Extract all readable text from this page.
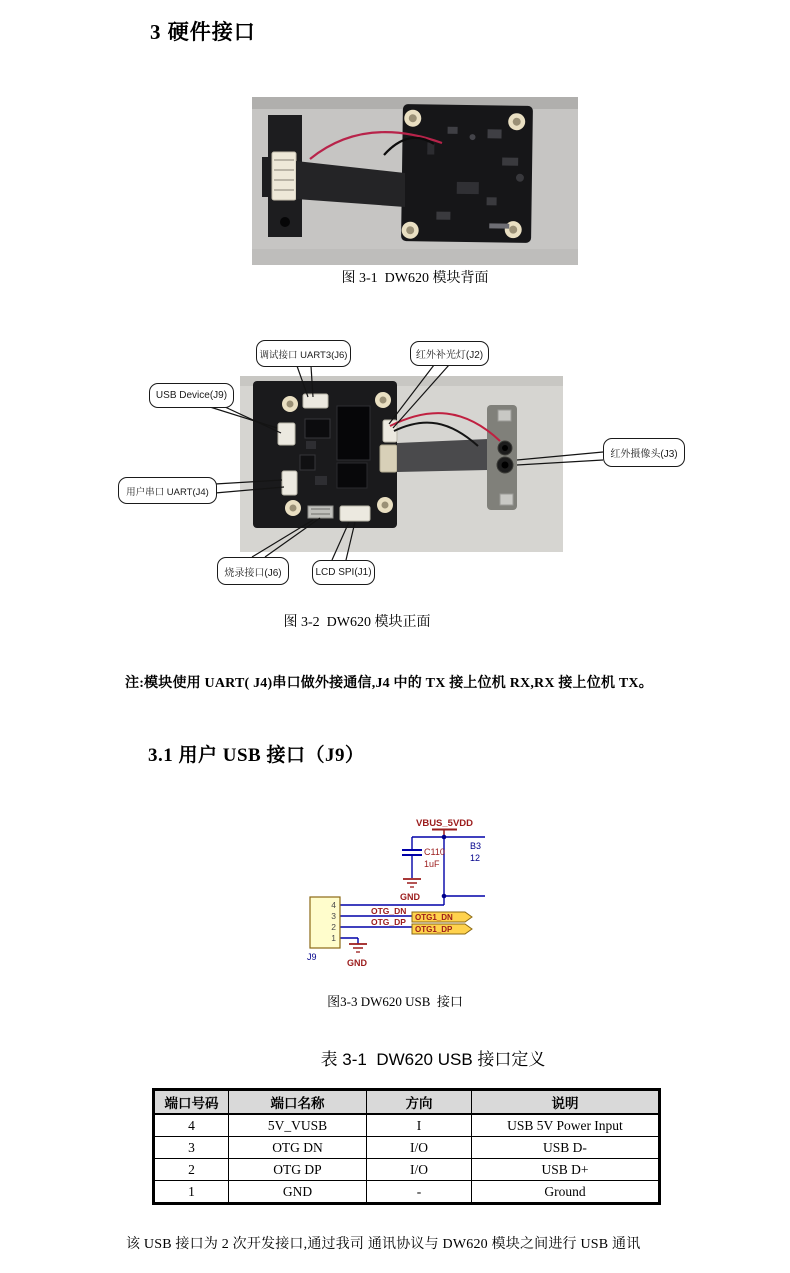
3 硬件接口
图 3-1  DW620 模块背面
调试接口 UART3(J6)	红外补光灯(J2)
USB Device(J9)
红外摄像头(J3)
用户串口 UART(J4)
烧录接口(J6)	LCD SPI(J1)
图 3-2  DW620 模块正面
注:模块使用 UART( J4)串口做外接通信,J4 中的 TX 接上位机 RX,RX 接上位机 TX。
3.1 用户 USB 接口（J9）
VBUS_5VDD
C110
1uF
GND
B3
12
4
3
2
1
J9
OTG_DN
OTG_DP OTG1_DN
OTG1_DP
GND
图3-3 DW620 USB  接口
表 3-1  DW620 USB 接口定义
端口号码	端口名称	方向	说明
4	5V_VUSB	I	USB 5V Power Input
3	OTG DN	I/O	USB D-
2	OTG DP	I/O	USB D+
1	GND	-	Ground
该 USB 接口为 2 次开发接口,通过我司 通讯协议与 DW620 模块之间进行 USB 通讯
